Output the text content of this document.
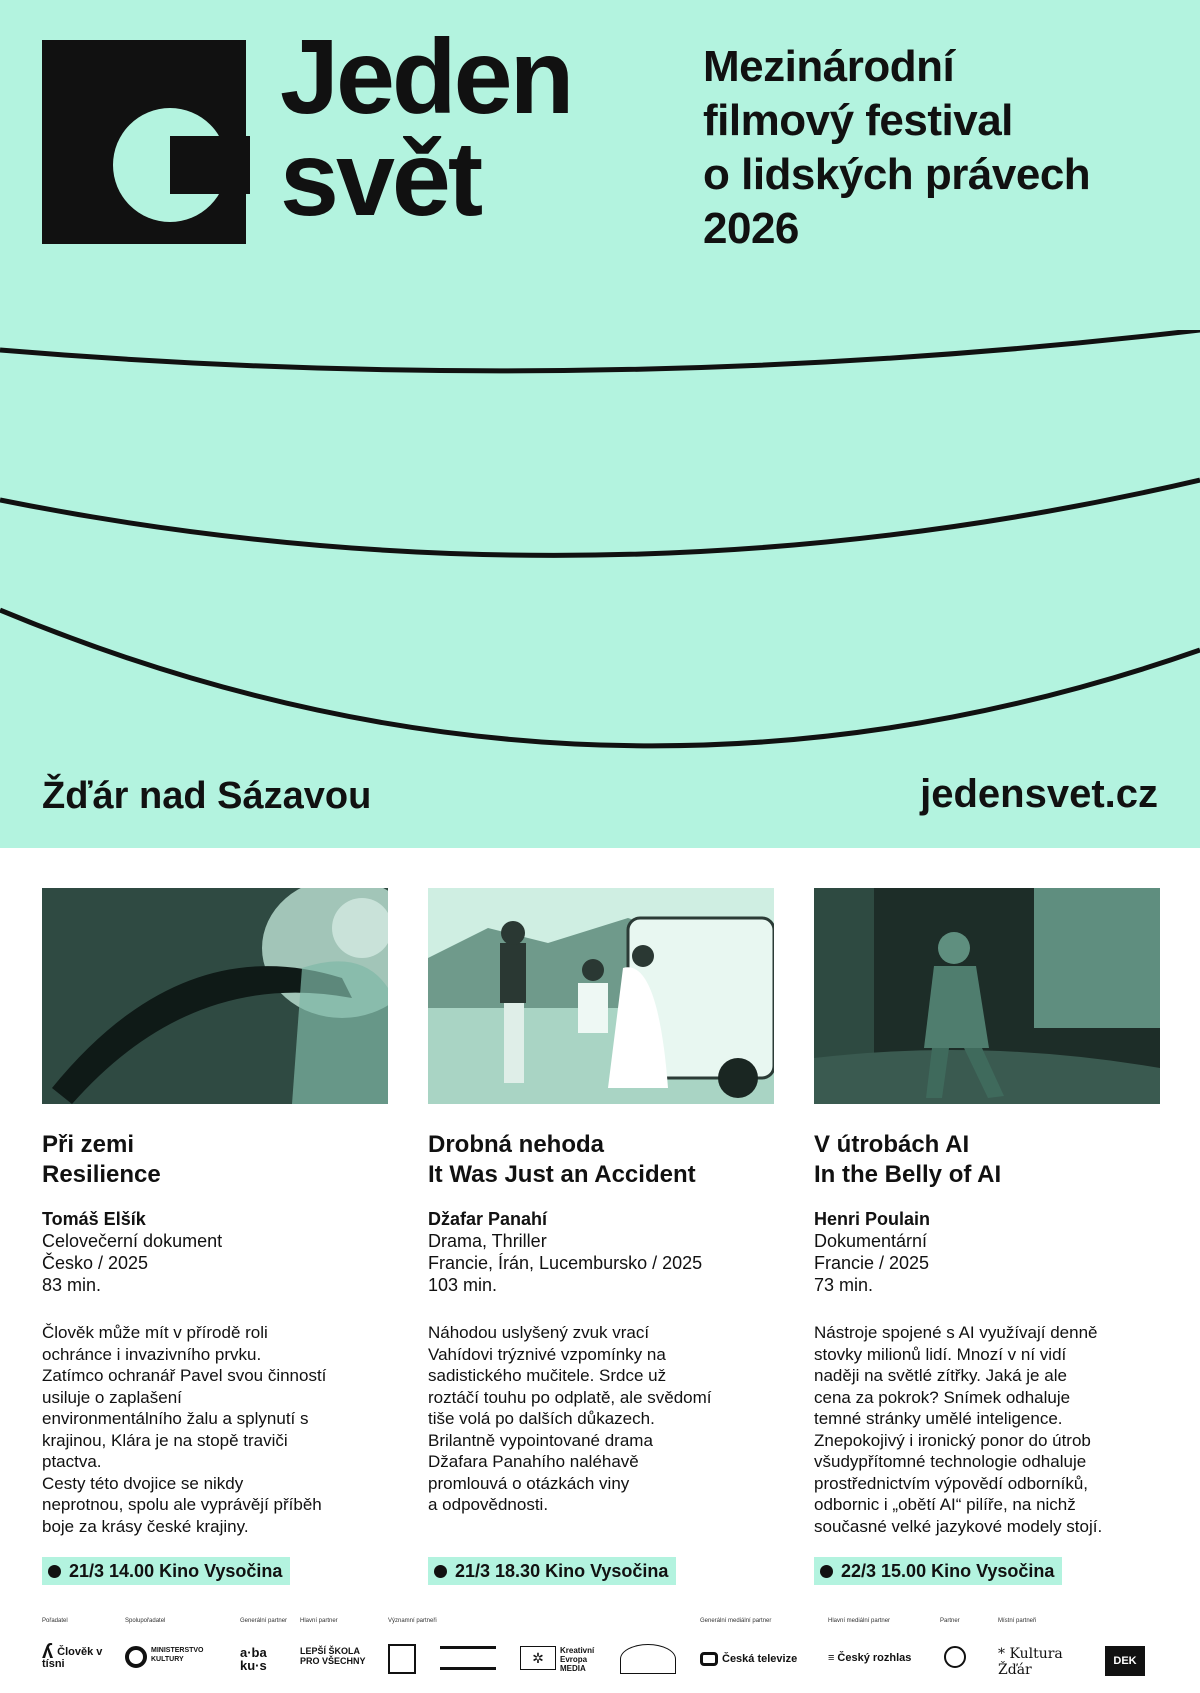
Jeden
svět
Mezinárodní
filmový festival
o lidských právech
2026
Žďár nad Sázavou	jedensvet.cz
Při zemi
Resilience
Tomáš Elšík
Celovečerní dokument
Česko / 2025
83 min.
Člověk může mít v přírodě roli
ochránce i invazivního prvku.
Zatímco ochranář Pavel svou činností
usiluje o zaplašení
environmentálního žalu a splynutí s
krajinou, Klára je na stopě traviči
ptactva.
Cesty této dvojice se nikdy
neprotnou, spolu ale vyprávějí příběh
boje za krásy české krajiny.
21/3 14.00 Kino Vysočina
Drobná nehoda
It Was Just an Accident
Džafar Panahí
Drama, Thriller
Francie, Írán, Lucembursko / 2025
103 min.
Náhodou uslyšený zvuk vrací
Vahídovi trýznivé vzpomínky na
sadistického mučitele. Srdce už
roztáčí touhu po odplatě, ale svědomí
tiše volá po dalších důkazech.
Brilantně vypointované drama
Džafara Panahího naléhavě
promlouvá o otázkách viny
a odpovědnosti.
21/3 18.30 Kino Vysočina
V útrobách AI
In the Belly of AI
Henri Poulain
Dokumentární
Francie / 2025
73 min.
Nástroje spojené s AI využívají denně
stovky milionů lidí. Mnozí v ní vidí
naději na světlé zítřky. Jaká je ale
cena za pokrok? Snímek odhaluje
temné stránky umělé inteligence.
Znepokojivý i ironický ponor do útrob
všudypřítomné technologie odhaluje
prostřednictvím výpovědí odborníků,
odbornic i „obětí AI“ pilíře, na nichž
současné velké jazykové modely stojí.
22/3 15.00 Kino Vysočina
Pořadatel
ʎ Člověk v tísni
Spolupořadatel
MINISTERSTVO KULTURY
Generální partner
a·ba ku·s
Hlavní partner
LEPŠÍ ŠKOLA PRO VŠECHNY
Významní partneři
✲	Kreativní Evropa MEDIA
Generální mediální partner
Česká televize
Hlavní mediální partner
≡ Český rozhlas
Partner	Místní partneři
* Kultura Žďár
DEK
